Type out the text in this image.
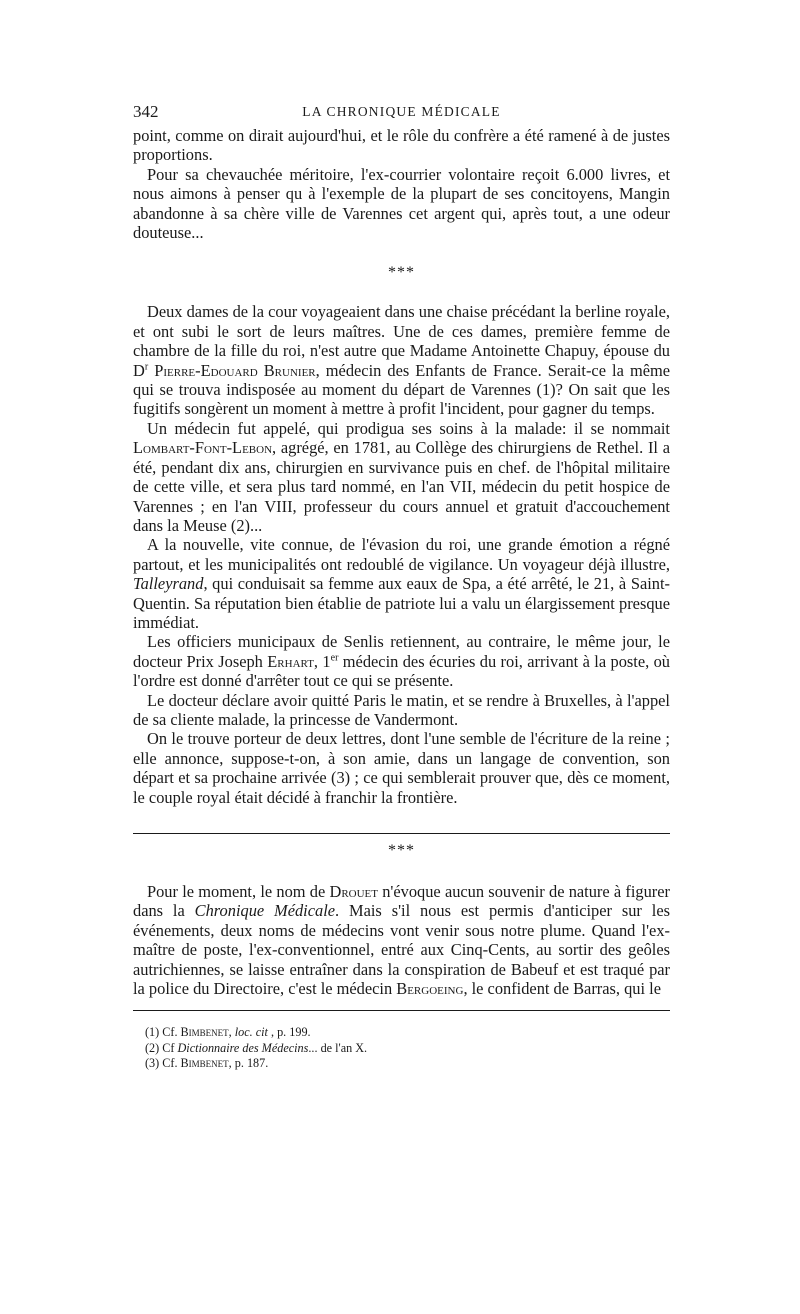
342	LA CHRONIQUE MÉDICALE

point, comme on dirait aujourd'hui, et le rôle du confrère a été ramené à de justes proportions.

Pour sa chevauchée méritoire, l'ex-courrier volontaire reçoit 6.000 livres, et nous aimons à penser qu à l'exemple de la plupart de ses concitoyens, Mangin abandonne à sa chère ville de Varennes cet argent qui, après tout, a une odeur douteuse...

***

Deux dames de la cour voyageaient dans une chaise précédant la berline royale, et ont subi le sort de leurs maîtres. Une de ces dames, première femme de chambre de la fille du roi, n'est autre que Madame Antoinette Chapuy, épouse du $D^r$ Pierre-Edouard Brunier, médecin des Enfants de France. Serait-ce la même qui se trouva indisposée au moment du départ de Varennes (1)? On sait que les fugitifs songèrent un moment à mettre à profit l'incident, pour gagner du temps.

Un médecin fut appelé, qui prodigua ses soins à la malade: il se nommait Lombart-Font-Lebon, agrégé, en 1781, au Collège des chirurgiens de Rethel. Il a été, pendant dix ans, chirurgien en survivance puis en chef. de l'hôpital militaire de cette ville, et sera plus tard nommé, en l'an VII, médecin du petit hospice de Varennes ; en l'an VIII, professeur du cours annuel et gratuit d'accouchement dans la Meuse (2)...

A la nouvelle, vite connue, de l'évasion du roi, une grande émotion a régné partout, et les municipalités ont redoublé de vigilance. Un voyageur déjà illustre, Talleyrand, qui conduisait sa femme aux eaux de Spa, a été arrêté, le 21, à Saint-Quentin. Sa réputation bien établie de patriote lui a valu un élargissement presque immédiat.

Les officiers municipaux de Senlis retiennent, au contraire, le même jour, le docteur Prix Joseph Erhart, 1er médecin des écuries du roi, arrivant à la poste, où l'ordre est donné d'arrêter tout ce qui se présente.

Le docteur déclare avoir quitté Paris le matin, et se rendre à Bruxelles, à l'appel de sa cliente malade, la princesse de Vandermont.

On le trouve porteur de deux lettres, dont l'une semble de l'écriture de la reine ; elle annonce, suppose-t-on, à son amie, dans un langage de convention, son départ et sa prochaine arrivée (3) ; ce qui semblerait prouver que, dès ce moment, le couple royal était décidé à franchir la frontière.

***

Pour le moment, le nom de Drouet n'évoque aucun souvenir de nature à figurer dans la Chronique Médicale. Mais s'il nous est permis d'anticiper sur les événements, deux noms de médecins vont venir sous notre plume. Quand l'ex-maître de poste, l'ex-conventionnel, entré aux Cinq-Cents, au sortir des geôles autrichiennes, se laisse entraîner dans la conspiration de Babeuf et est traqué par la police du Directoire, c'est le médecin Bergoeing, le confident de Barras, qui le

(1) Cf. Bimbenet, loc. cit , p. 199.
(2) Cf Dictionnaire des Médecins... de l'an X.
(3) Cf. Bimbenet, p. 187.
